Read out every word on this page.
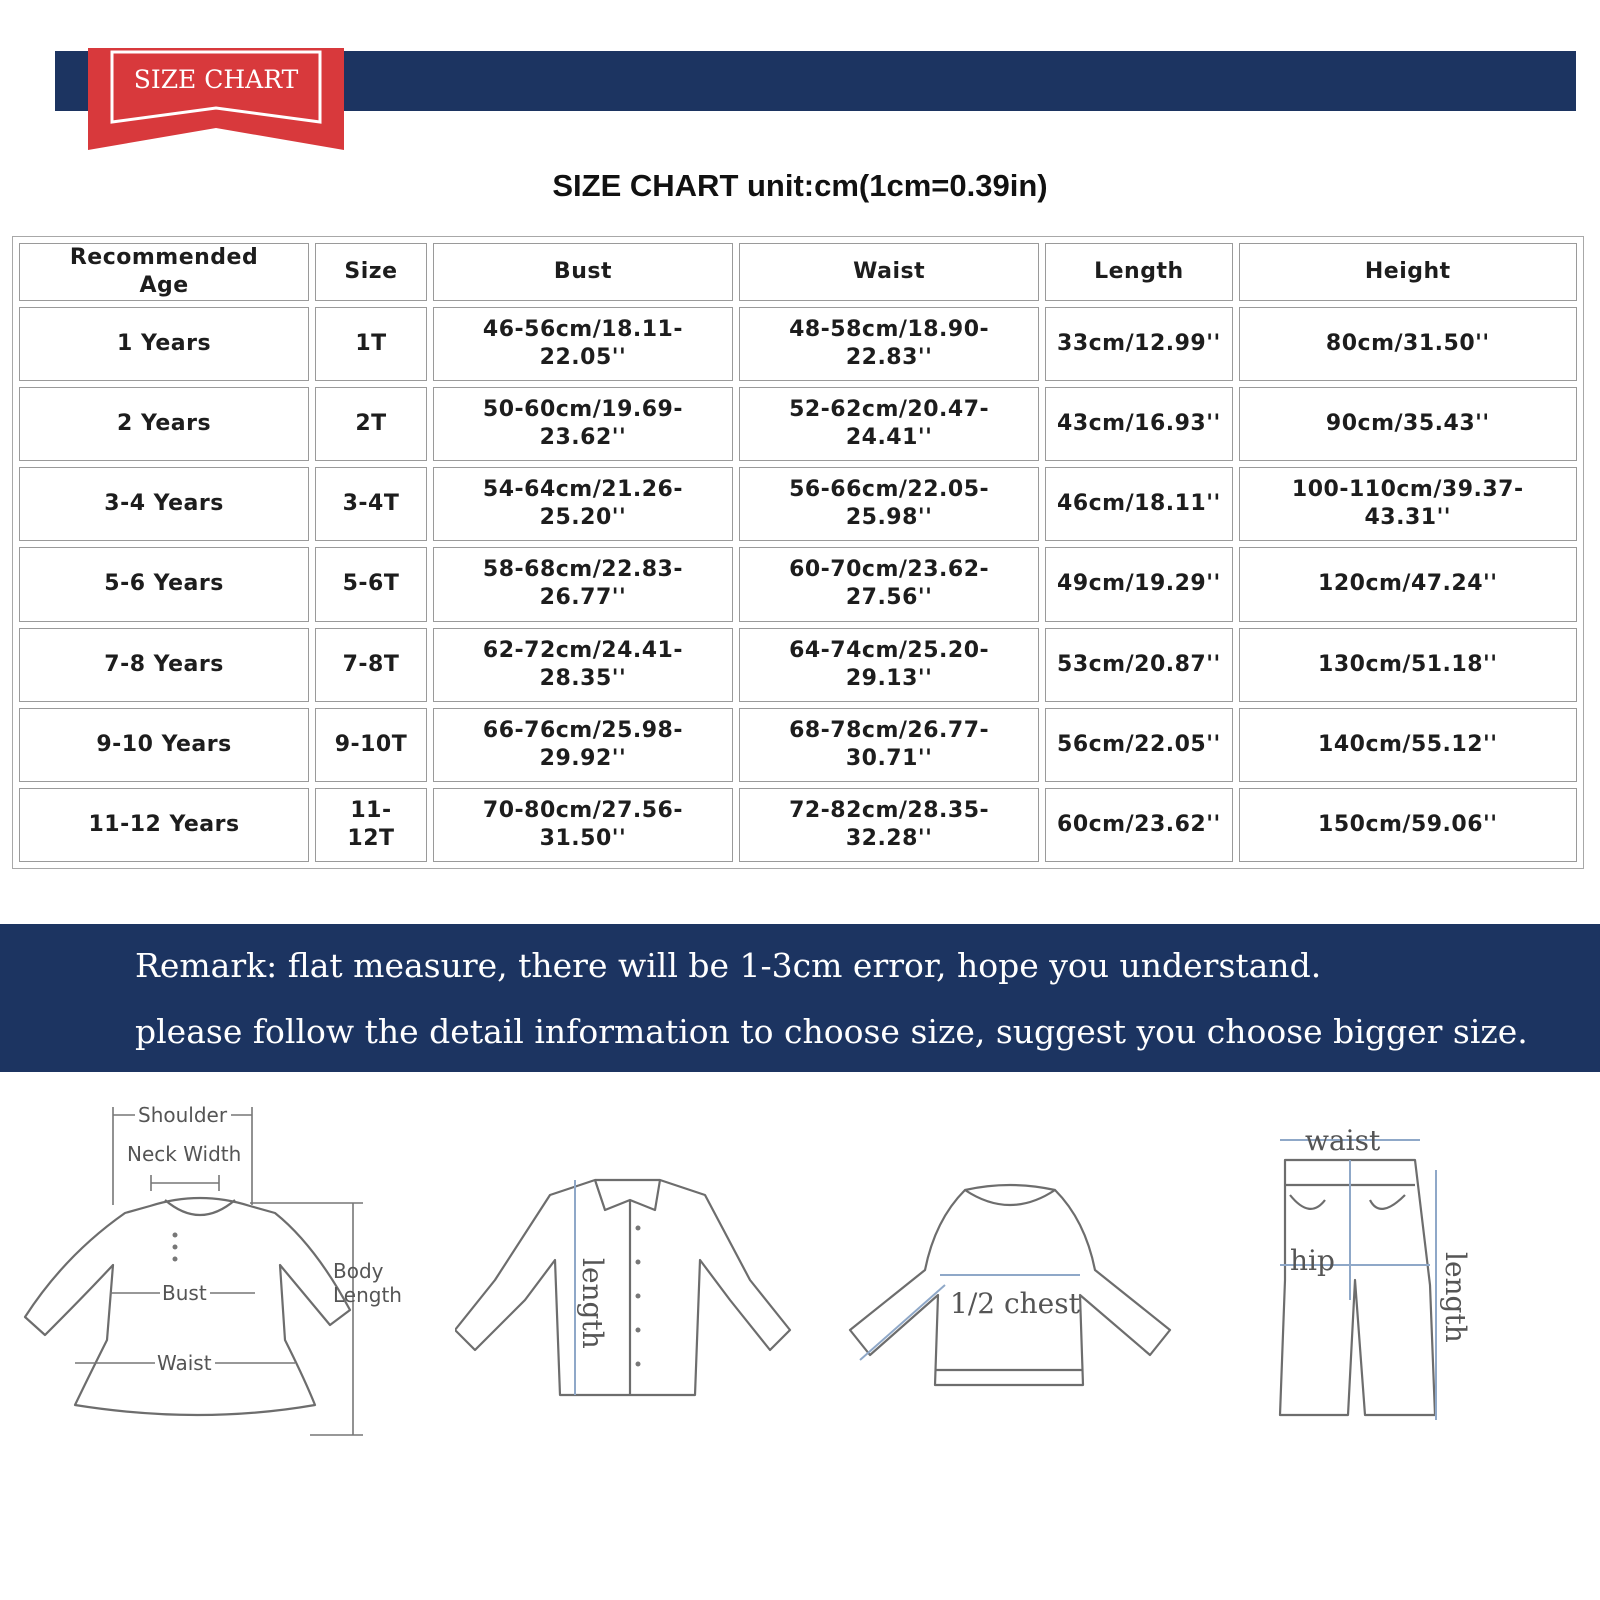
SIZE CHART
SIZE CHART unit:cm(1cm=0.39in)
Recommended Age	Size	Bust	Waist	Length	Height
1 Years	1T	46-56cm/18.11-22.05''	48-58cm/18.90-22.83''	33cm/12.99''	80cm/31.50''
2 Years	2T	50-60cm/19.69-23.62''	52-62cm/20.47-24.41''	43cm/16.93''	90cm/35.43''
3-4 Years	3-4T	54-64cm/21.26-25.20''	56-66cm/22.05-25.98''	46cm/18.11''	100-110cm/39.37-43.31''
5-6 Years	5-6T	58-68cm/22.83-26.77''	60-70cm/23.62-27.56''	49cm/19.29''	120cm/47.24''
7-8 Years	7-8T	62-72cm/24.41-28.35''	64-74cm/25.20-29.13''	53cm/20.87''	130cm/51.18''
9-10 Years	9-10T	66-76cm/25.98-29.92''	68-78cm/26.77-30.71''	56cm/22.05''	140cm/55.12''
11-12 Years	11-12T	70-80cm/27.56-31.50''	72-82cm/28.35-32.28''	60cm/23.62''	150cm/59.06''
Remark: flat measure, there will be 1-3cm error, hope you understand.
please follow the detail information to choose size, suggest you choose bigger size.
Shoulder
Neck Width
Bust
Waist
Body
Length	length	1/2 chest
waist
hip	length
